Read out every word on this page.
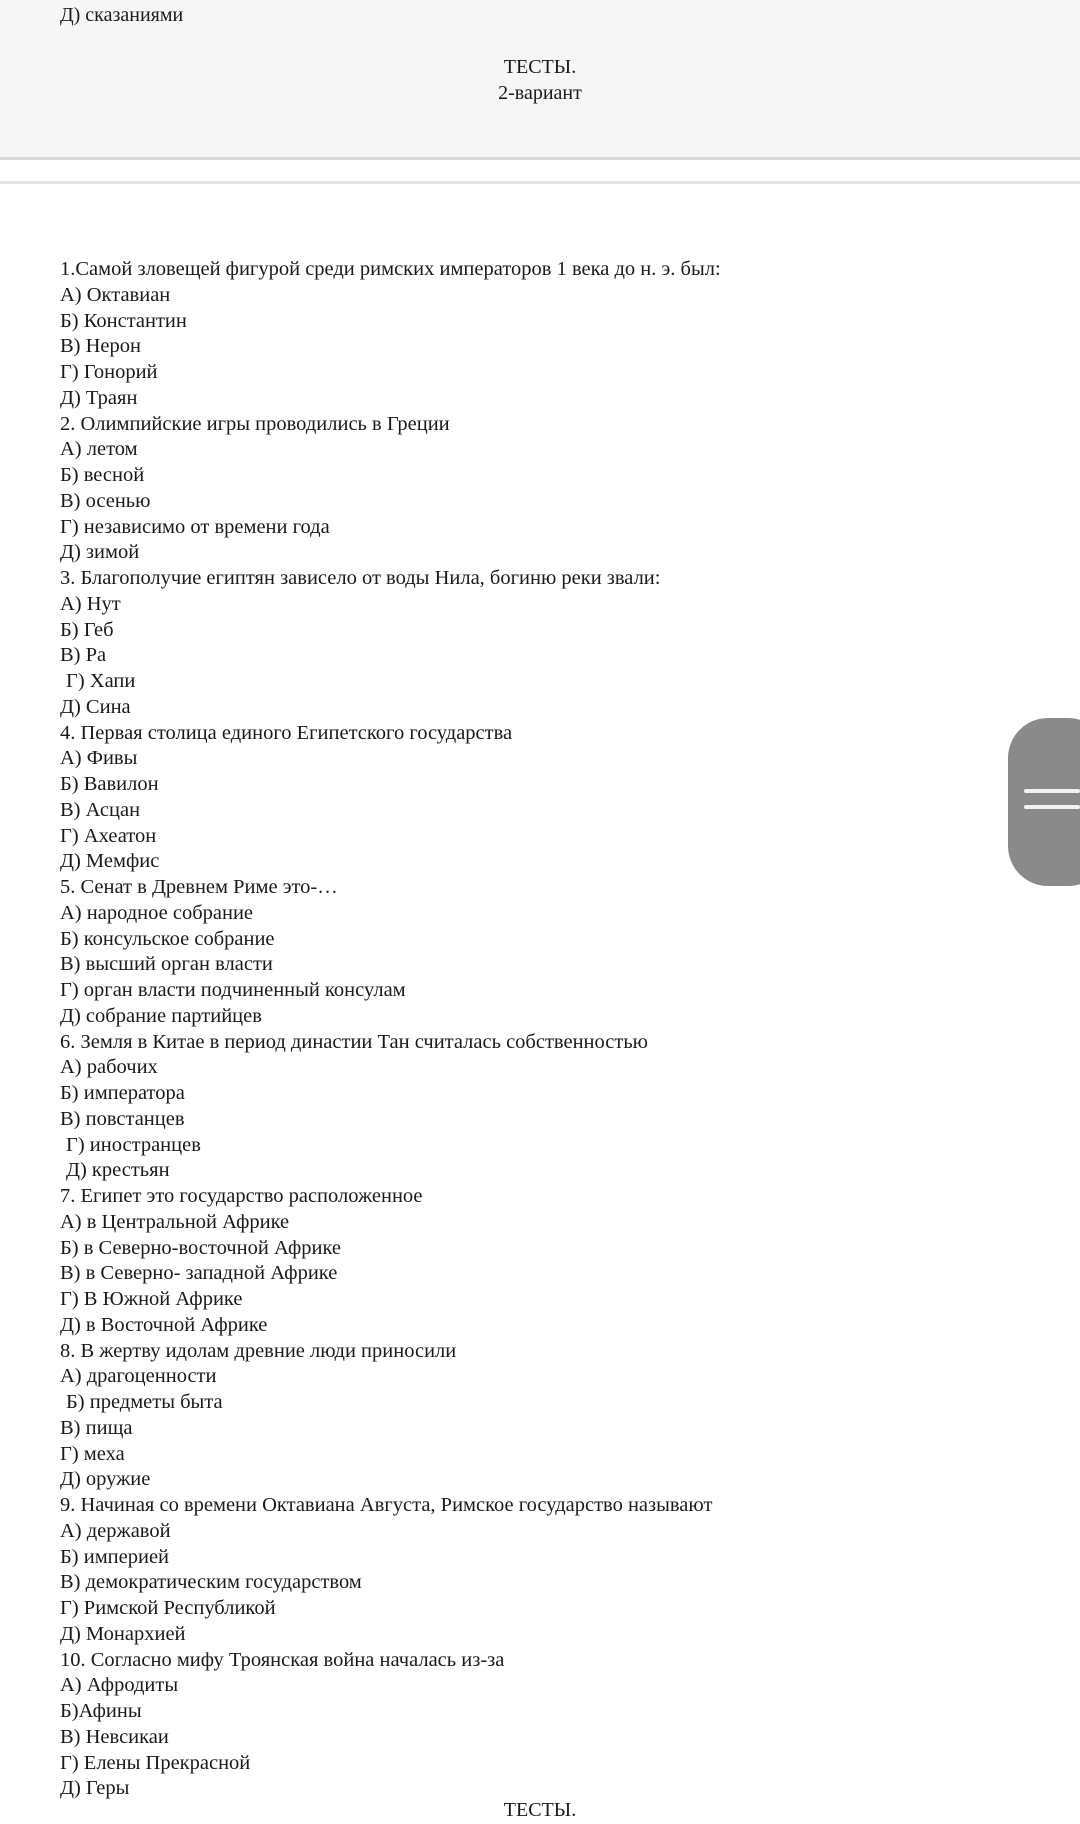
Д) сказаниями
ТЕСТЫ.
2-вариант
1.Самой зловещей фигурой среди римских императоров 1 века до н. э. был:
А) Октавиан
Б) Константин
В) Нерон
Г) Гонорий
Д) Траян
2. Олимпийские игры проводились в Греции
А) летом
Б) весной
В) осенью
Г) независимо от времени года
Д) зимой
3. Благополучие египтян зависело от воды Нила, богиню реки звали:
А) Нут
Б) Геб
В) Ра
Г) Хапи
Д) Сина
4. Первая столица единого Египетского государства
А) Фивы
Б) Вавилон
В) Асцан
Г) Ахеатон
Д) Мемфис
5. Сенат в Древнем Риме это-…
А) народное собрание
Б) консульское собрание
В) высший орган власти
Г) орган власти подчиненный консулам
Д) собрание партийцев
6. Земля в Китае в период династии Тан считалась собственностью
А) рабочих
Б) императора
В) повстанцев
Г) иностранцев
Д) крестьян
7. Египет это государство расположенное
А) в Центральной Африке
Б) в Северно-восточной Африке
В) в Северно- западной Африке
Г) В Южной Африке
Д) в Восточной Африке
8. В жертву идолам древние люди приносили
А) драгоценности
Б) предметы быта
В) пища
Г) меха
Д) оружие
9. Начиная со времени Октавиана Августа, Римское государство называют
А) державой
Б) империей
В) демократическим государством
Г) Римской Республикой
Д) Монархией
10. Согласно мифу Троянская война началась из-за
А) Афродиты
Б)Афины
В) Невсикаи
Г) Елены Прекрасной
Д) Геры
ТЕСТЫ.
